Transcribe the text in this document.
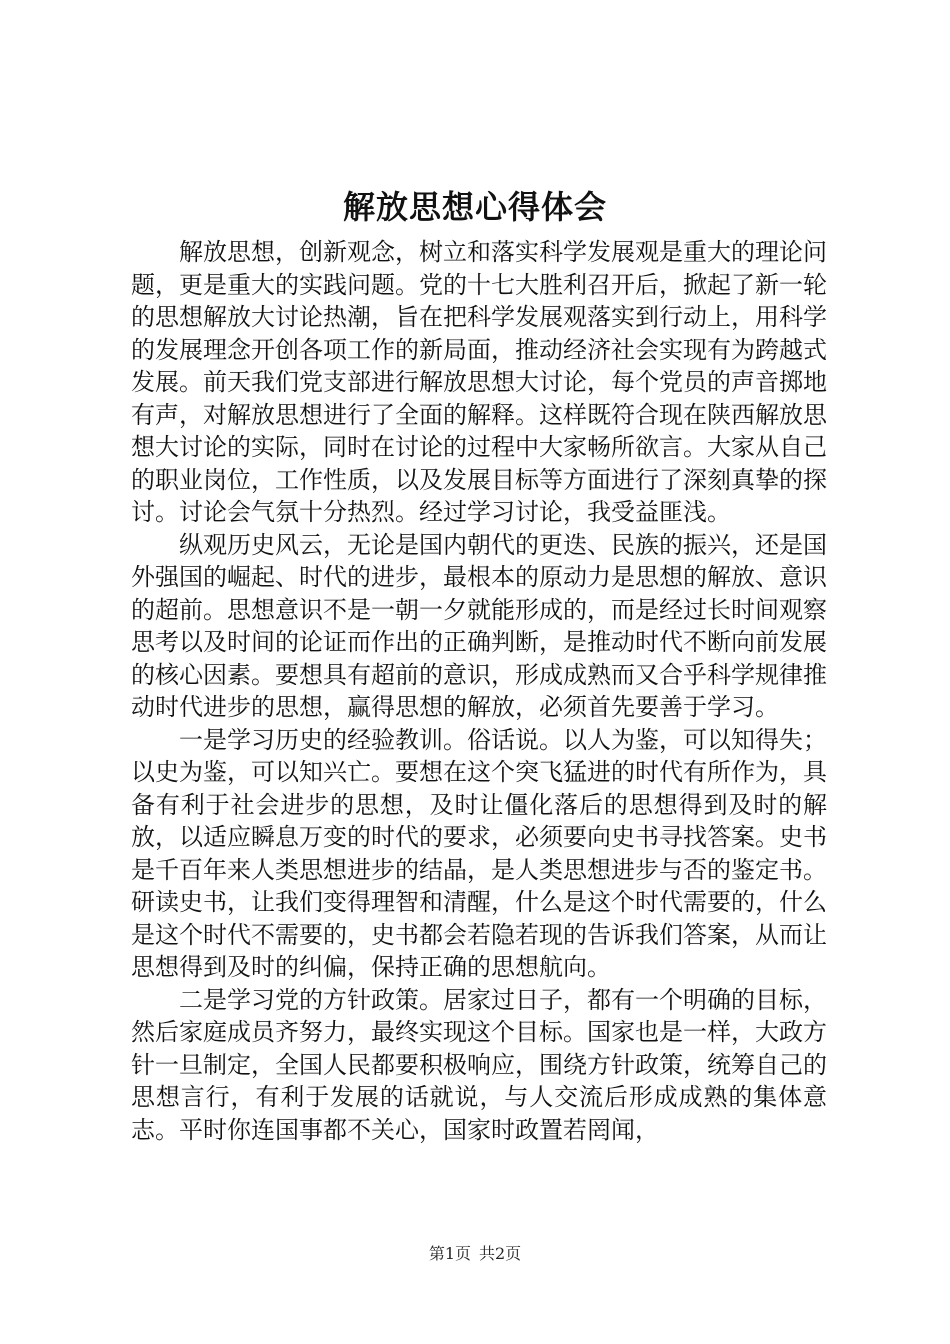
解放思想心得体会

解放思想，创新观念，树立和落实科学发展观是重大的理论问题，更是重大的实践问题。党的十七大胜利召开后，掀起了新一轮的思想解放大讨论热潮，旨在把科学发展观落实到行动上，用科学的发展理念开创各项工作的新局面，推动经济社会实现有为跨越式发展。前天我们党支部进行解放思想大讨论，每个党员的声音掷地有声，对解放思想进行了全面的解释。这样既符合现在陕西解放思想大讨论的实际，同时在讨论的过程中大家畅所欲言。大家从自己的职业岗位，工作性质，以及发展目标等方面进行了深刻真挚的探讨。讨论会气氛十分热烈。经过学习讨论，我受益匪浅。

纵观历史风云，无论是国内朝代的更迭、民族的振兴，还是国外强国的崛起、时代的进步，最根本的原动力是思想的解放、意识的超前。思想意识不是一朝一夕就能形成的，而是经过长时间观察思考以及时间的论证而作出的正确判断，是推动时代不断向前发展的核心因素。要想具有超前的意识，形成成熟而又合乎科学规律推动时代进步的思想，赢得思想的解放，必须首先要善于学习。

一是学习历史的经验教训。俗话说。以人为鉴，可以知得失；以史为鉴，可以知兴亡。要想在这个突飞猛进的时代有所作为，具备有利于社会进步的思想，及时让僵化落后的思想得到及时的解放，以适应瞬息万变的时代的要求，必须要向史书寻找答案。史书是千百年来人类思想进步的结晶，是人类思想进步与否的鉴定书。研读史书，让我们变得理智和清醒，什么是这个时代需要的，什么是这个时代不需要的，史书都会若隐若现的告诉我们答案，从而让思想得到及时的纠偏，保持正确的思想航向。

二是学习党的方针政策。居家过日子，都有一个明确的目标，然后家庭成员齐努力，最终实现这个目标。国家也是一样，大政方针一旦制定，全国人民都要积极响应，围绕方针政策，统筹自己的思想言行，有利于发展的话就说，与人交流后形成成熟的集体意志。平时你连国事都不关心，国家时政置若罔闻，

第1页 共2页
